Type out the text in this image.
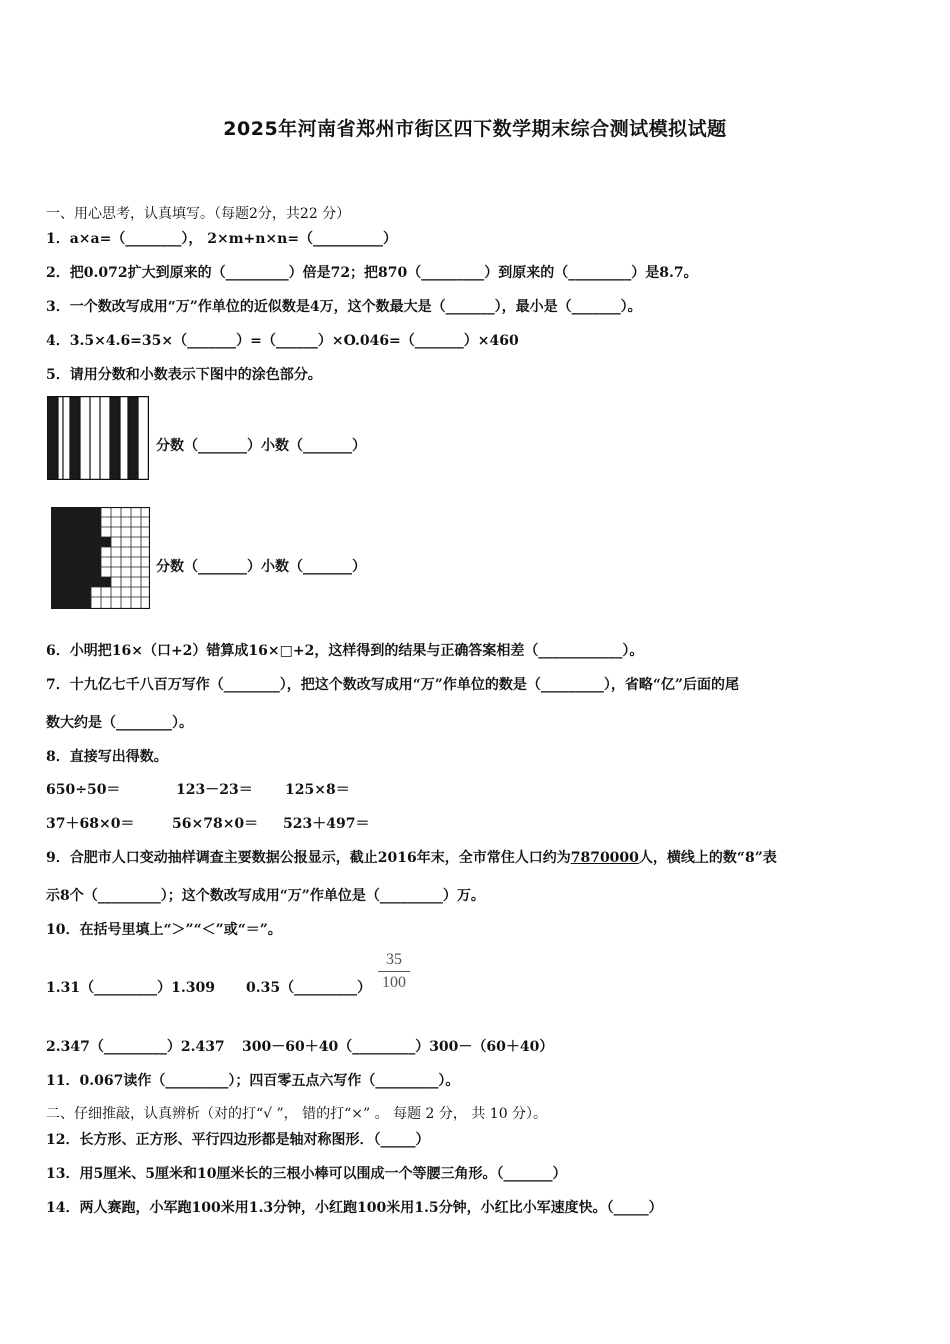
2025年河南省郑州市街区四下数学期末综合测试模拟试题
一、用心思考，认真填写。（每题2分，共22 分）
1．a×a=（________）， 2×m+n×n=（__________）
2．把0.072扩大到原来的（_________）倍是72；把870（_________）到原来的（_________）是8.7。
3．一个数改写成用“万”作单位的近似数是4万，这个数最大是（_______），最小是（_______）。
4．3.5×4.6=35×（_______）=（______）×O.046=（_______）×460
5．请用分数和小数表示下图中的涂色部分。
分数（_______）小数（_______）
分数（_______）小数（_______）
6．小明把16×（口+2）错算成16×□+2，这样得到的结果与正确答案相差（____________）。
7．十九亿七千八百万写作（________），把这个数改写成用“万”作单位的数是（_________），省略“亿”后面的尾
数大约是（________）。
8．直接写出得数。
650÷50＝	123－23＝ 125×8＝
37＋68×0＝	56×78×0＝ 523＋497＝
9．合肥市人口变动抽样调查主要数据公报显示，截止2016年末，全市常住人口约为7870000人，横线上的数“8”表
示8个（_________）；这个数改写成用“万”作单位是（_________）万。
10．在括号里填上“＞”“＜”或“＝”。
1.31（_________）1.309 0.35（_________）
35
100
2.347（_________）2.437 300－60＋40（_________）300－（60＋40）
11．0.067读作（_________）；四百零五点六写作（_________）。
二、仔细推敲，认真辨析（对的打“√ ”， 错的打“×” 。 每题 2 分， 共 10 分）。
12．长方形、正方形、平行四边形都是轴对称图形．（_____）
13．用5厘米、5厘米和10厘米长的三根小棒可以围成一个等腰三角形。（_______）
14．两人赛跑，小军跑100米用1.3分钟，小红跑100米用1.5分钟，小红比小军速度快。（_____）
